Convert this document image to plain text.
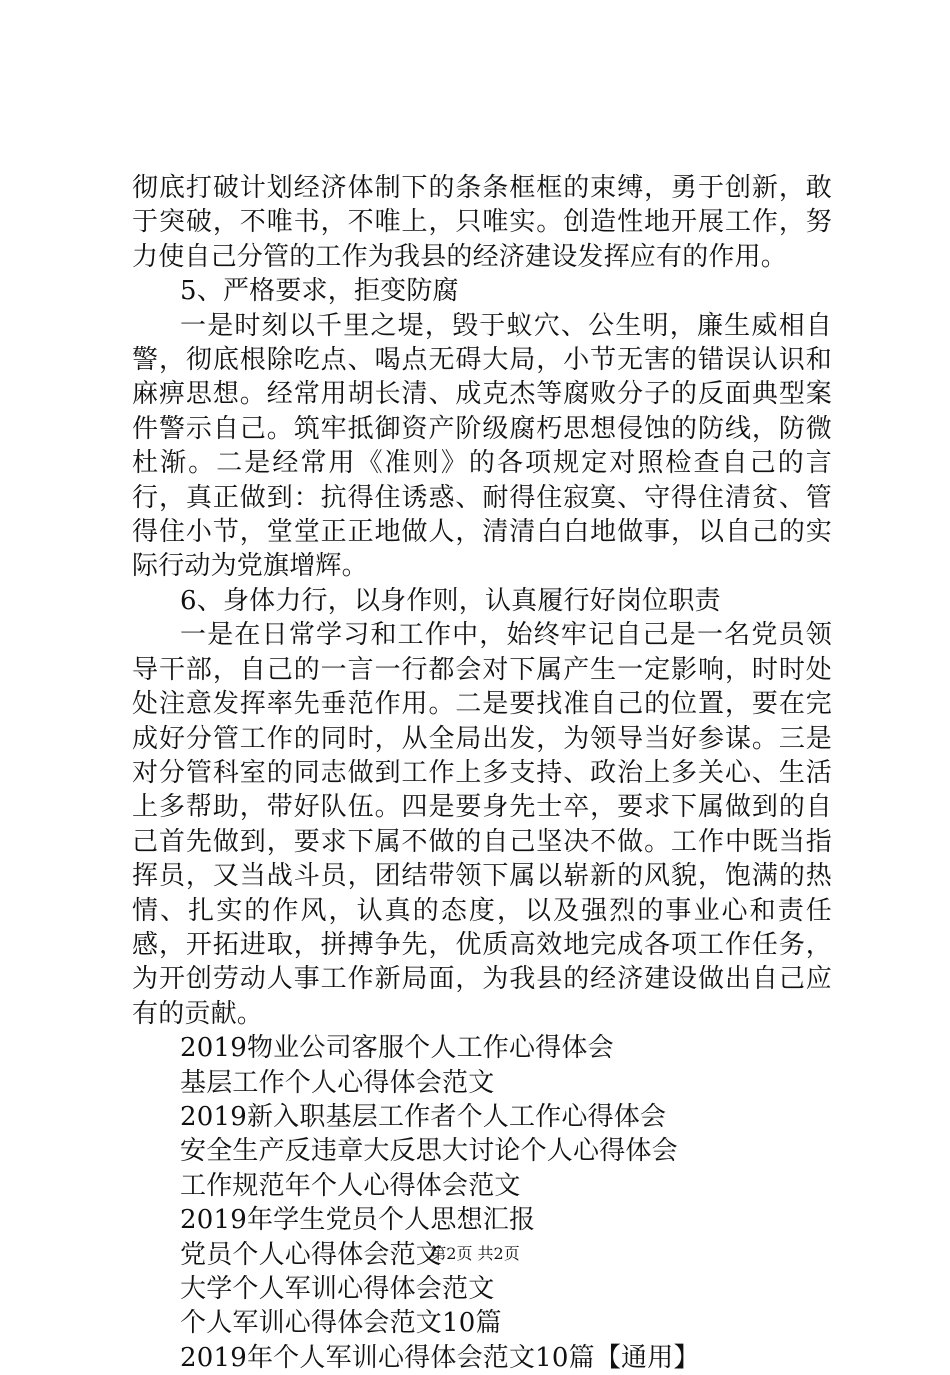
彻底打破计划经济体制下的条条框框的束缚，勇于创新，敢于突破，不唯书，不唯上，只唯实。创造性地开展工作，努力使自己分管的工作为我县的经济建设发挥应有的作用。

5、严格要求，拒变防腐

一是时刻以千里之堤，毁于蚁穴、公生明，廉生威相自警，彻底根除吃点、喝点无碍大局，小节无害的错误认识和麻痹思想。经常用胡长清、成克杰等腐败分子的反面典型案件警示自己。筑牢抵御资产阶级腐朽思想侵蚀的防线，防微杜渐。二是经常用《准则》的各项规定对照检查自己的言行，真正做到：抗得住诱惑、耐得住寂寞、守得住清贫、管得住小节，堂堂正正地做人，清清白白地做事，以自己的实际行动为党旗增辉。

6、身体力行，以身作则，认真履行好岗位职责

一是在日常学习和工作中，始终牢记自己是一名党员领导干部，自己的一言一行都会对下属产生一定影响，时时处处注意发挥率先垂范作用。二是要找准自己的位置，要在完成好分管工作的同时，从全局出发，为领导当好参谋。三是对分管科室的同志做到工作上多支持、政治上多关心、生活上多帮助，带好队伍。四是要身先士卒，要求下属做到的自己首先做到，要求下属不做的自己坚决不做。工作中既当指挥员，又当战斗员，团结带领下属以崭新的风貌，饱满的热情、扎实的作风，认真的态度，以及强烈的事业心和责任感，开拓进取，拼搏争先，优质高效地完成各项工作任务，为开创劳动人事工作新局面，为我县的经济建设做出自己应有的贡献。

2019物业公司客服个人工作心得体会
基层工作个人心得体会范文
2019新入职基层工作者个人工作心得体会
安全生产反违章大反思大讨论个人心得体会
工作规范年个人心得体会范文
2019年学生党员个人思想汇报
党员个人心得体会范文
大学个人军训心得体会范文
个人军训心得体会范文10篇
2019年个人军训心得体会范文10篇【通用】
第2页 共2页
